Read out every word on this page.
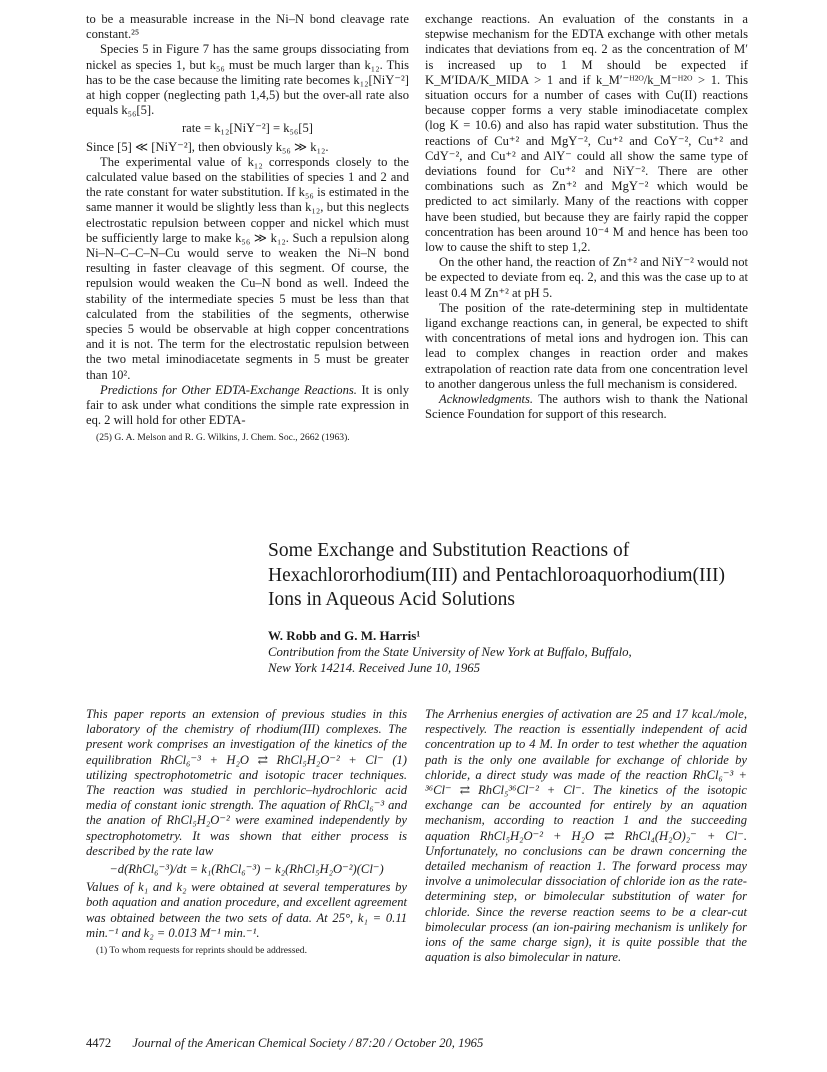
to be a measurable increase in the Ni–N bond cleavage rate constant.²⁵

Species 5 in Figure 7 has the same groups dissociating from nickel as species 1, but k₅₆ must be much larger than k₁₂. This has to be the case because the limiting rate becomes k₁₂[NiY⁻²] at high copper (neglecting path 1,4,5) but the over-all rate also equals k₅₆[5].

rate = k₁₂[NiY⁻²] = k₅₆[5]

Since [5] ≪ [NiY⁻²], then obviously k₅₆ ≫ k₁₂.

The experimental value of k₁₂ corresponds closely to the calculated value based on the stabilities of species 1 and 2 and the rate constant for water substitution. If k₅₆ is estimated in the same manner it would be slightly less than k₁₂, but this neglects electrostatic repulsion between copper and nickel which must be sufficiently large to make k₅₆ ≫ k₁₂. Such a repulsion along Ni–N–C–C–N–Cu would serve to weaken the Ni–N bond resulting in faster cleavage of this segment. Of course, the repulsion would weaken the Cu–N bond as well. Indeed the stability of the intermediate species 5 must be less than that calculated from the stabilities of the segments, otherwise species 5 would be observable at high copper concentrations and it is not. The term for the electrostatic repulsion between the two metal iminodiacetate segments in 5 must be greater than 10².

Predictions for Other EDTA-Exchange Reactions. It is only fair to ask under what conditions the simple rate expression in eq. 2 will hold for other EDTA-

(25) G. A. Melson and R. G. Wilkins, J. Chem. Soc., 2662 (1963).

exchange reactions. An evaluation of the constants in a stepwise mechanism for the EDTA exchange with other metals indicates that deviations from eq. 2 as the concentration of M′ is increased up to 1 M should be expected if K_M′IDA/K_MIDA > 1 and if k_M′⁻ᴴ²ᴼ/k_M⁻ᴴ²ᴼ > 1. This situation occurs for a number of cases with Cu(II) reactions because copper forms a very stable iminodiacetate complex (log K = 10.6) and also has rapid water substitution. Thus the reactions of Cu⁺² and MgY⁻², Cu⁺² and CoY⁻², Cu⁺² and CdY⁻², and Cu⁺² and AlY⁻ could all show the same type of deviations found for Cu⁺² and NiY⁻². There are other combinations such as Zn⁺² and MgY⁻² which would be predicted to act similarly. Many of the reactions with copper have been studied, but because they are fairly rapid the copper concentration has been around 10⁻⁴ M and hence has been too low to cause the shift to step 1,2.

On the other hand, the reaction of Zn⁺² and NiY⁻² would not be expected to deviate from eq. 2, and this was the case up to at least 0.4 M Zn⁺² at pH 5.

The position of the rate-determining step in multidentate ligand exchange reactions can, in general, be expected to shift with concentrations of metal ions and hydrogen ion. This can lead to complex changes in reaction order and makes extrapolation of reaction rate data from one concentration level to another dangerous unless the full mechanism is considered.

Acknowledgments. The authors wish to thank the National Science Foundation for support of this research.

Some Exchange and Substitution Reactions of Hexachlororhodium(III) and Pentachloroaquorhodium(III) Ions in Aqueous Acid Solutions

W. Robb and G. M. Harris¹

Contribution from the State University of New York at Buffalo, Buffalo, New York 14214. Received June 10, 1965

This paper reports an extension of previous studies in this laboratory of the chemistry of rhodium(III) complexes. The present work comprises an investigation of the kinetics of the equilibration RhCl₆⁻³ + H₂O ⇄ RhCl₅H₂O⁻² + Cl⁻ (1) utilizing spectrophotometric and isotopic tracer techniques. The reaction was studied in perchloric–hydrochloric acid media of constant ionic strength. The aquation of RhCl₆⁻³ and the anation of RhCl₅H₂O⁻² were examined independently by spectrophotometry. It was shown that either process is described by the rate law

−d(RhCl₆⁻³)/dt = k₁(RhCl₆⁻³) − k₂(RhCl₅H₂O⁻²)(Cl⁻)

Values of k₁ and k₂ were obtained at several temperatures by both aquation and anation procedure, and excellent agreement was obtained between the two sets of data. At 25°, k₁ = 0.11 min.⁻¹ and k₂ = 0.013 M⁻¹ min.⁻¹.

(1) To whom requests for reprints should be addressed.

The Arrhenius energies of activation are 25 and 17 kcal./mole, respectively. The reaction is essentially independent of acid concentration up to 4 M. In order to test whether the aquation path is the only one available for exchange of chloride by chloride, a direct study was made of the reaction RhCl₆⁻³ + ³⁶Cl⁻ ⇄ RhCl₅³⁶Cl⁻² + Cl⁻. The kinetics of the isotopic exchange can be accounted for entirely by an aquation mechanism, according to reaction 1 and the succeeding aquation RhCl₅H₂O⁻² + H₂O ⇄ RhCl₄(H₂O)₂⁻ + Cl⁻. Unfortunately, no conclusions can be drawn concerning the detailed mechanism of reaction 1. The forward process may involve a unimolecular dissociation of chloride ion as the rate-determining step, or bimolecular substitution of water for chloride. Since the reverse reaction seems to be a clear-cut bimolecular process (an ion-pairing mechanism is unlikely for ions of the same charge sign), it is quite possible that the aquation is also bimolecular in nature.

4472 Journal of the American Chemical Society / 87:20 / October 20, 1965
